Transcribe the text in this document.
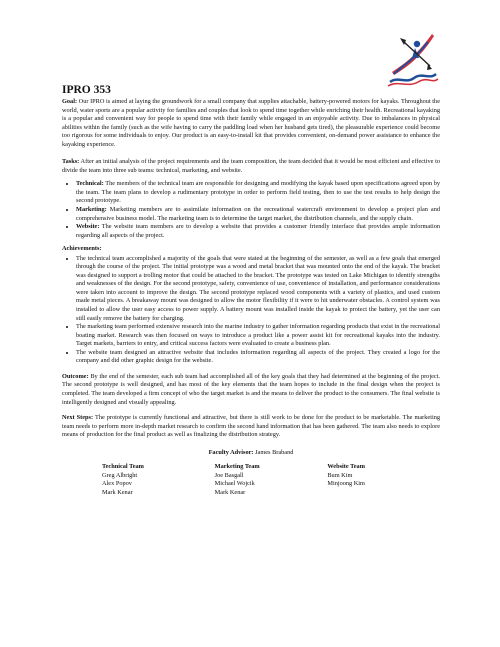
IPRO 353

Goal: Our IPRO is aimed at laying the groundwork for a small company that supplies attachable, battery-powered motors for kayaks. Throughout the world, water sports are a popular activity for families and couples that look to spend time together while enriching their health. Recreational kayaking is a popular and convenient way for people to spend time with their family while engaged in an enjoyable activity. Due to imbalances in physical abilities within the family (such as the wife having to carry the paddling load when her husband gets tired), the pleasurable experience could become too rigorous for some individuals to enjoy. Our product is an easy-to-install kit that provides convenient, on-demand power assistance to enhance the kayaking experience.

Tasks: After an initial analysis of the project requirements and the team composition, the team decided that it would be most efficient and effective to divide the team into three sub teams: technical, marketing, and website.

• Technical: The members of the technical team are responsible for designing and modifying the kayak based upon specifications agreed upon by the team. The team plans to develop a rudimentary prototype in order to perform field testing, then to use the test results to help design the second prototype.
• Marketing: Marketing members are to assimilate information on the recreational watercraft environment to develop a project plan and comprehensive business model. The marketing team is to determine the target market, the distribution channels, and the supply chain.
• Website: The website team members are to develop a website that provides a customer friendly interface that provides ample information regarding all aspects of the project.
Achievements:
• The technical team accomplished a majority of the goals that were stated at the beginning of the semester, as well as a few goals that emerged through the course of the project. The initial prototype was a wood and metal bracket that was mounted onto the end of the kayak. The bracket was designed to support a trolling motor that could be attached to the bracket. The prototype was tested on Lake Michigan to identify strengths and weaknesses of the design. For the second prototype, safety, convenience of use, convenience of installation, and performance considerations were taken into account to improve the design. The second prototype replaced wood components with a variety of plastics, and used custom made metal pieces. A breakaway mount was designed to allow the motor flexibility if it were to hit underwater obstacles. A control system was installed to allow the user easy access to power supply. A battery mount was installed inside the kayak to protect the battery, yet the user can still easily remove the battery for charging.
• The marketing team performed extensive research into the marine industry to gather information regarding products that exist in the recreational boating market. Research was then focused on ways to introduce a product like a power assist kit for recreational kayaks into the industry. Target markets, barriers to entry, and critical success factors were evaluated to create a business plan.
• The website team designed an attractive website that includes information regarding all aspects of the project. They created a logo for the company and did other graphic design for the website.

Outcome: By the end of the semester, each sub team had accomplished all of the key goals that they had determined at the beginning of the project. The second prototype is well designed, and has most of the key elements that the team hopes to include in the final design when the project is completed. The team developed a firm concept of who the target market is and the means to deliver the product to the consumers. The final website is intelligently designed and visually appealing.

Next Steps: The prototype is currently functional and attractive, but there is still work to be done for the product to be marketable. The marketing team needs to perform more in-depth market research to confirm the second hand information that has been gathered. The team also needs to explore means of production for the final product as well as finalizing the distribution strategy.

Faculty Advisor: James Braband
Technical Team
Greg Albright
Alex Popov
Mark Kenar
Marketing Team
Joe Basgall
Michael Wojcik
Mark Kenar
Website Team
Bum Kim
Minjoong Kim
